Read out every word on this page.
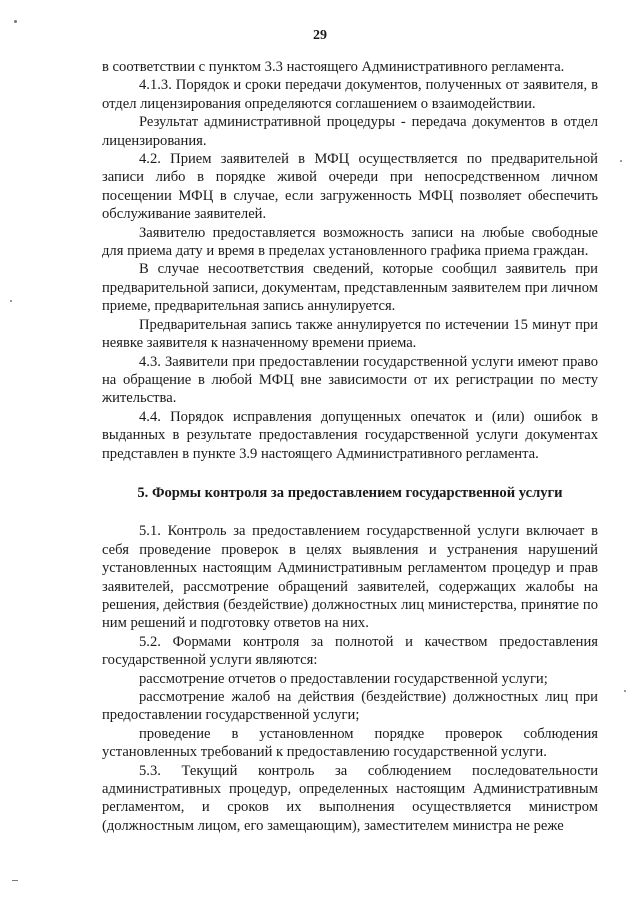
29

в соответствии с пунктом 3.3 настоящего Административного регламента.

4.1.3. Порядок и сроки передачи документов, полученных от заявителя, в отдел лицензирования определяются соглашением о взаимодействии.

Результат административной процедуры - передача документов в отдел лицензирования.

4.2. Прием заявителей в МФЦ осуществляется по предварительной записи либо в порядке живой очереди при непосредственном личном посещении МФЦ в случае, если загруженность МФЦ позволяет обеспечить обслуживание заявителей.

Заявителю предоставляется возможность записи на любые свободные для приема дату и время в пределах установленного графика приема граждан.

В случае несоответствия сведений, которые сообщил заявитель при предварительной записи, документам, представленным заявителем при личном приеме, предварительная запись аннулируется.

Предварительная запись также аннулируется по истечении 15 минут при неявке заявителя к назначенному времени приема.

4.3. Заявители при предоставлении государственной услуги имеют право на обращение в любой МФЦ вне зависимости от их регистрации по месту жительства.

4.4. Порядок исправления допущенных опечаток и (или) ошибок в выданных в результате предоставления государственной услуги документах представлен в пункте 3.9 настоящего Административного регламента.

5. Формы контроля за предоставлением государственной услуги

5.1. Контроль за предоставлением государственной услуги включает в себя проведение проверок в целях выявления и устранения нарушений установленных настоящим Административным регламентом процедур и прав заявителей, рассмотрение обращений заявителей, содержащих жалобы на решения, действия (бездействие) должностных лиц министерства, принятие по ним решений и подготовку ответов на них.

5.2. Формами контроля за полнотой и качеством предоставления государственной услуги являются:

рассмотрение отчетов о предоставлении государственной услуги;

рассмотрение жалоб на действия (бездействие) должностных лиц при предоставлении государственной услуги;

проведение в установленном порядке проверок соблюдения установленных требований к предоставлению государственной услуги.

5.3. Текущий контроль за соблюдением последовательности административных процедур, определенных настоящим Административным регламентом, и сроков их выполнения осуществляется министром (должностным лицом, его замещающим), заместителем министра не реже
